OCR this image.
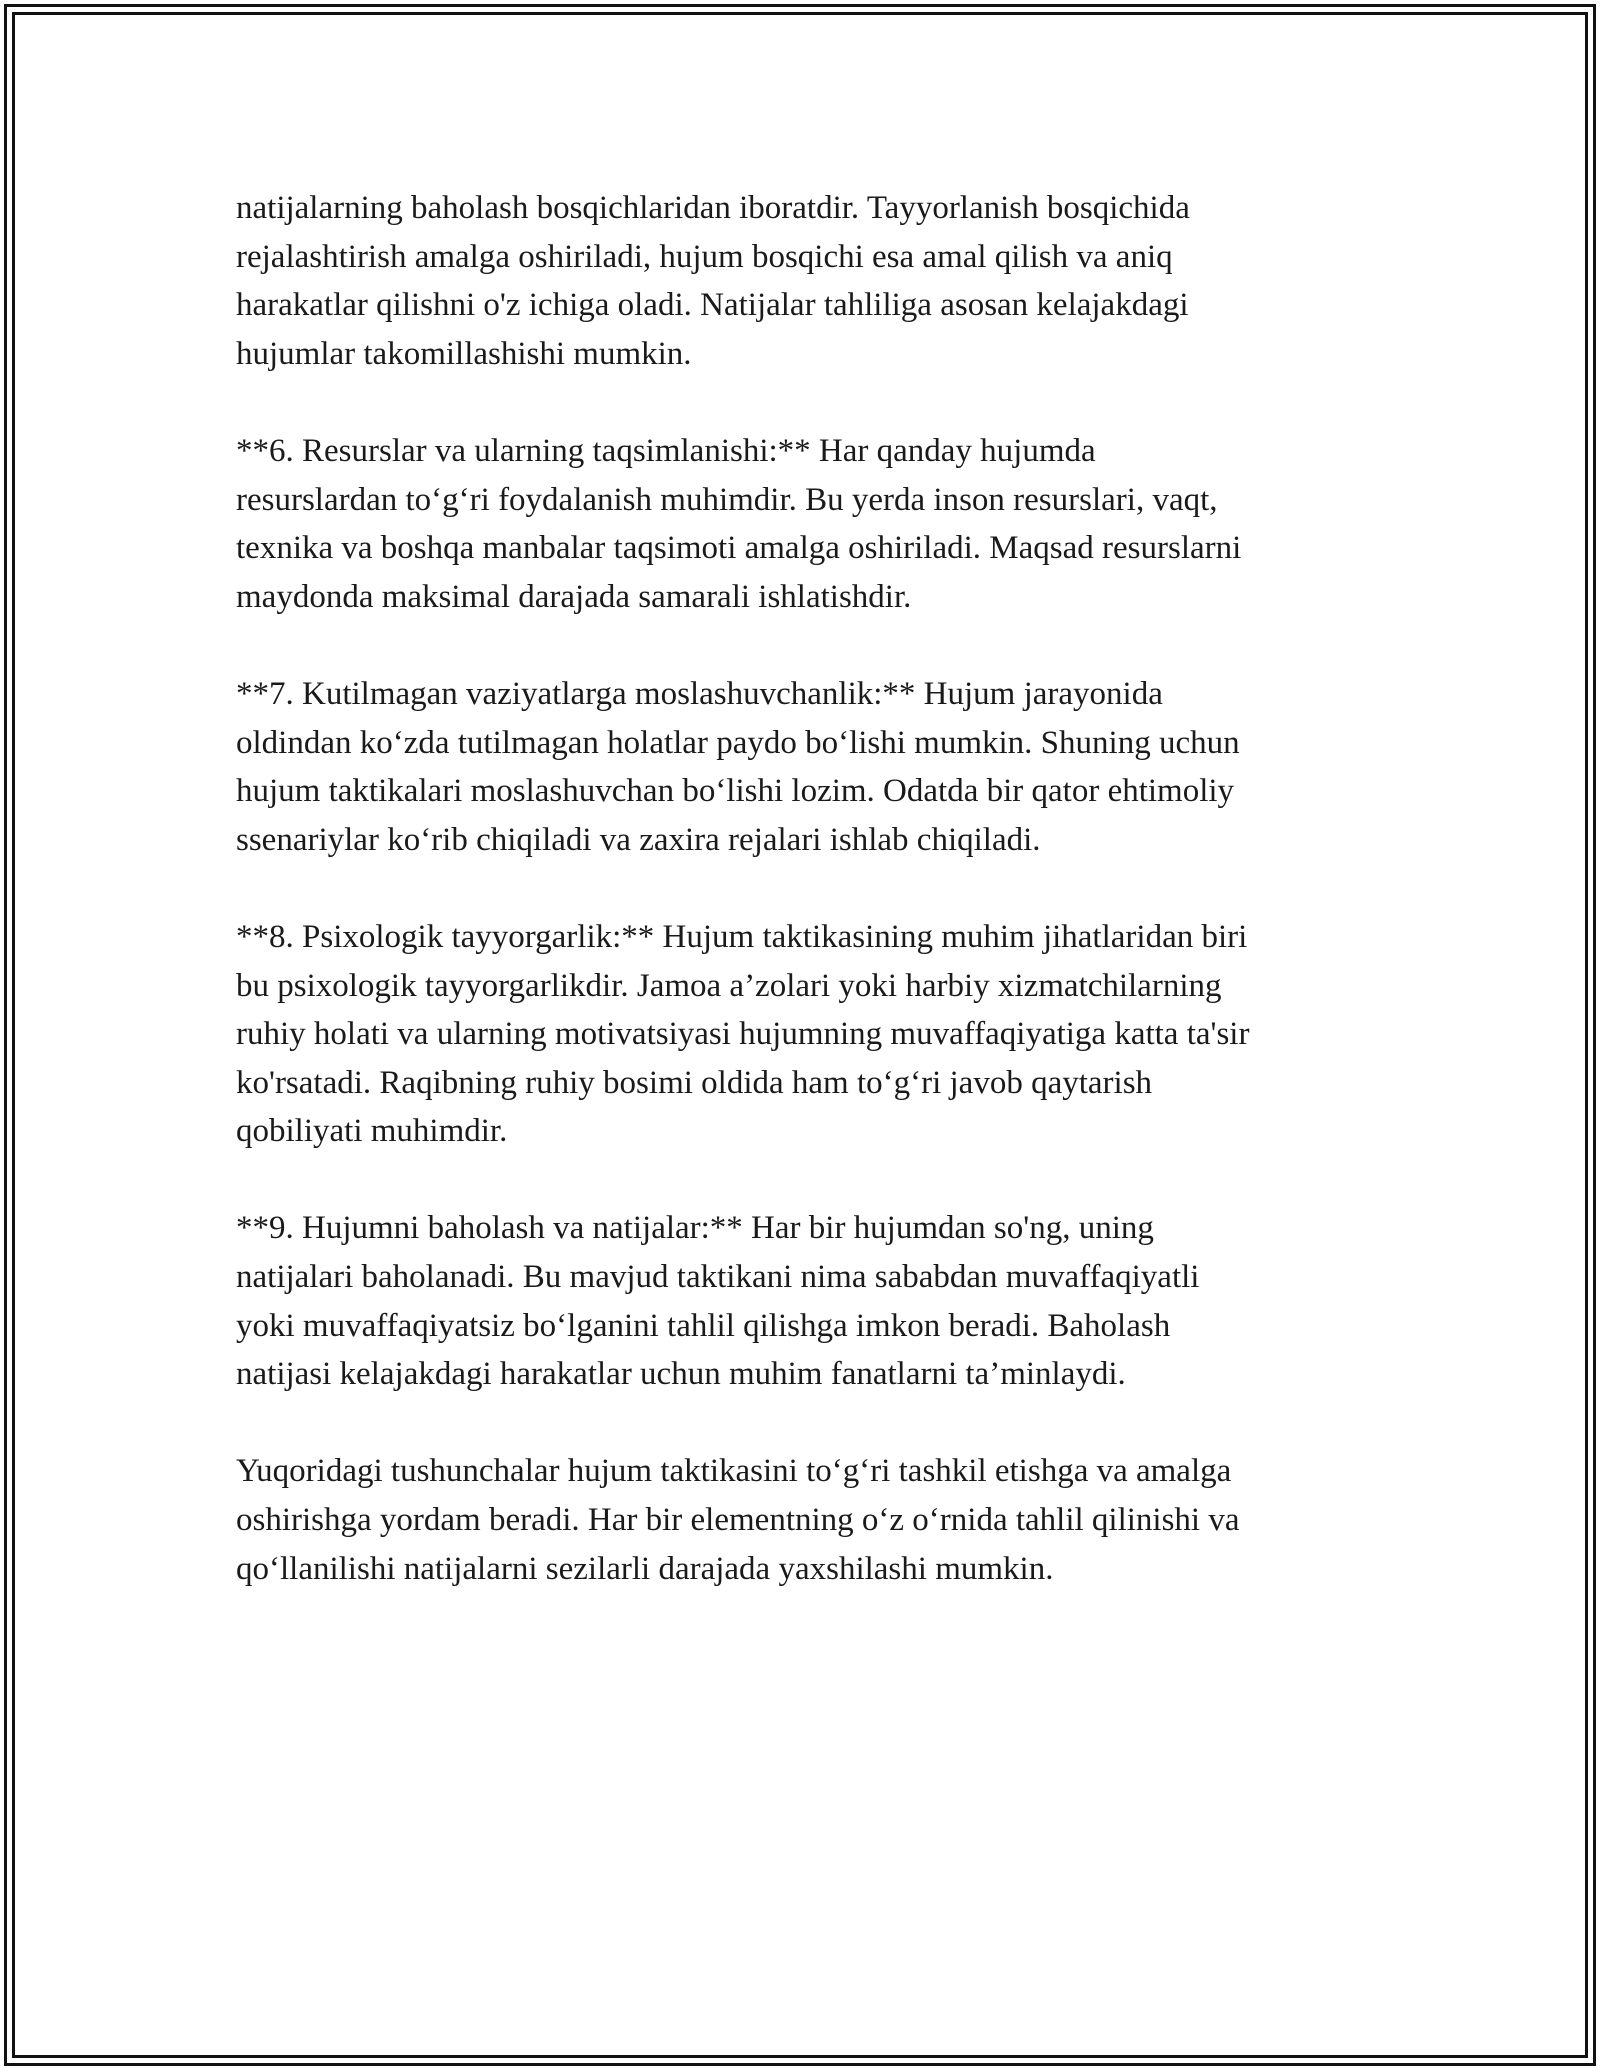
natijalarning baholash bosqichlaridan iboratdir. Tayyorlanish bosqichida
rejalashtirish amalga oshiriladi, hujum bosqichi esa amal qilish va aniq
harakatlar qilishni o'z ichiga oladi. Natijalar tahliliga asosan kelajakdagi
hujumlar takomillashishi mumkin.

**6. Resurslar va ularning taqsimlanishi:** Har qanday hujumda
resurslardan to‘g‘ri foydalanish muhimdir. Bu yerda inson resurslari, vaqt,
texnika va boshqa manbalar taqsimoti amalga oshiriladi. Maqsad resurslarni
maydonda maksimal darajada samarali ishlatishdir.

**7. Kutilmagan vaziyatlarga moslashuvchanlik:** Hujum jarayonida
oldindan ko‘zda tutilmagan holatlar paydo bo‘lishi mumkin. Shuning uchun
hujum taktikalari moslashuvchan bo‘lishi lozim. Odatda bir qator ehtimoliy
ssenariylar ko‘rib chiqiladi va zaxira rejalari ishlab chiqiladi.

**8. Psixologik tayyorgarlik:** Hujum taktikasining muhim jihatlaridan biri
bu psixologik tayyorgarlikdir. Jamoa a’zolari yoki harbiy xizmatchilarning
ruhiy holati va ularning motivatsiyasi hujumning muvaffaqiyatiga katta ta'sir
ko'rsatadi. Raqibning ruhiy bosimi oldida ham to‘g‘ri javob qaytarish
qobiliyati muhimdir.

**9. Hujumni baholash va natijalar:** Har bir hujumdan so'ng, uning
natijalari baholanadi. Bu mavjud taktikani nima sababdan muvaffaqiyatli
yoki muvaffaqiyatsiz bo‘lganini tahlil qilishga imkon beradi. Baholash
natijasi kelajakdagi harakatlar uchun muhim fanatlarni ta’minlaydi.

Yuqoridagi tushunchalar hujum taktikasini to‘g‘ri tashkil etishga va amalga
oshirishga yordam beradi. Har bir elementning o‘z o‘rnida tahlil qilinishi va
qo‘llanilishi natijalarni sezilarli darajada yaxshilashi mumkin.
